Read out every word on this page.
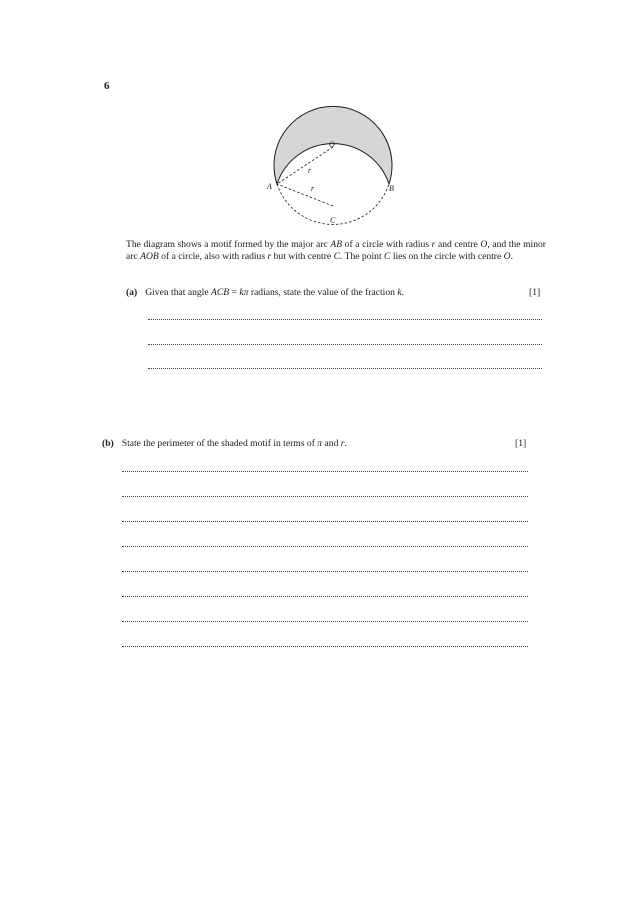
6
O
A	B
C
r
r
The diagram shows a motif formed by the major arc AB of a circle with radius r and centre O, and the minor arc AOB of a circle, also with radius r but with centre C. The point C lies on the circle with centre O.
(a) Given that angle ACB = kπ radians, state the value of the fraction k.	[1]
(b) State the perimeter of the shaded motif in terms of π and r.	[1]
